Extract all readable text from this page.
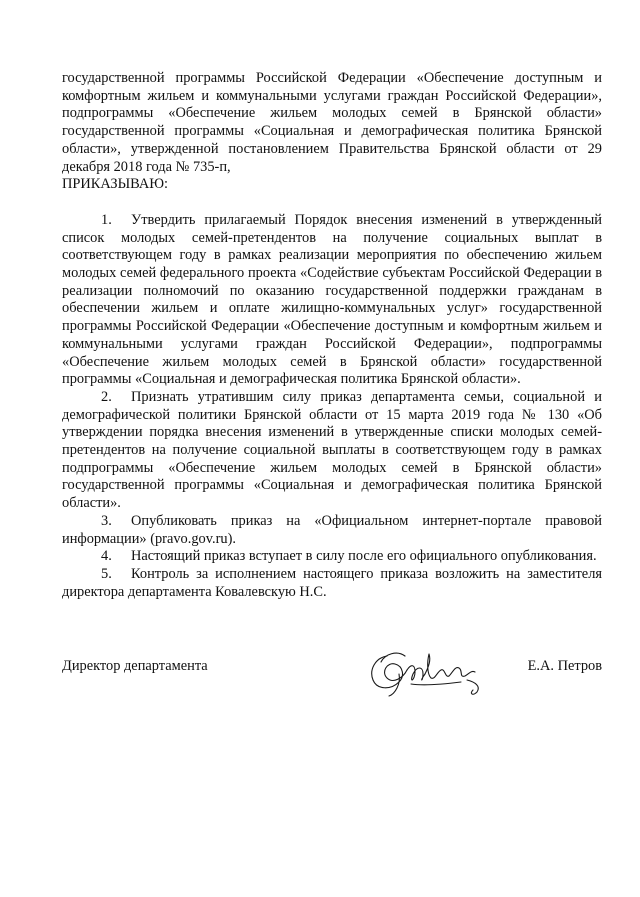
государственной программы Российской Федерации «Обеспечение доступным и комфортным жильем и коммунальными услугами граждан Российской Федерации», подпрограммы «Обеспечение жильем молодых семей в Брянской области» государственной программы «Социальная и демографическая политика Брянской области», утвержденной постановлением Правительства Брянской области от 29 декабря 2018 года № 735-п,

ПРИКАЗЫВАЮ:

1. Утвердить прилагаемый Порядок внесения изменений в утвержденный список молодых семей-претендентов на получение социальных выплат в соответствующем году в рамках реализации мероприятия по обеспечению жильем молодых семей федерального проекта «Содействие субъектам Российской Федерации в реализации полномочий по оказанию государственной поддержки гражданам в обеспечении жильем и оплате жилищно-коммунальных услуг» государственной программы Российской Федерации «Обеспечение доступным и комфортным жильем и коммунальными услугами граждан Российской Федерации», подпрограммы «Обеспечение жильем молодых семей в Брянской области» государственной программы «Социальная и демографическая политика Брянской области».

2. Признать утратившим силу приказ департамента семьи, социальной и демографической политики Брянской области от 15 марта 2019 года № 130 «Об утверждении порядка внесения изменений в утвержденные списки молодых семей-претендентов на получение социальной выплаты в соответствующем году в рамках подпрограммы «Обеспечение жильем молодых семей в Брянской области» государственной программы «Социальная и демографическая политика Брянской области».

3. Опубликовать приказ на «Официальном интернет-портале правовой информации» (pravo.gov.ru).

4. Настоящий приказ вступает в силу после его официального опубликования.

5. Контроль за исполнением настоящего приказа возложить на заместителя директора департамента Ковалевскую Н.С.

Директор департамента	Е.А. Петров
